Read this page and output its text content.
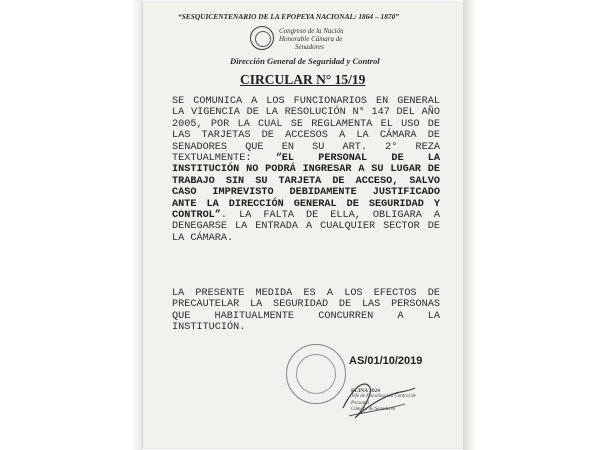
“SESQUICENTENARIO DE LA EPOPEYA NACIONAL: 1864 – 1870”
Congreso de la Nación
Honorable Cámara de
Senadores
Dirección General de Seguridad y Control
CIRCULAR N° 15/19

SE COMUNICA A LOS FUNCIONARIOS EN GENERAL LA VIGENCIA DE LA RESOLUCIÓN N° 147 DEL AÑO 2005, POR LA CUAL SE REGLAMENTA EL USO DE LAS TARJETAS DE ACCESOS A LA CÁMARA DE SENADORES QUE EN SU ART. 2° REZA TEXTUALMENTE: “EL PERSONAL DE LA INSTITUCIÓN NO PODRÁ INGRESAR A SU LUGAR DE TRABAJO SIN SU TARJETA DE ACCESO, SALVO CASO IMPREVISTO DEBIDAMENTE JUSTIFICADO ANTE LA DIRECCIÓN GENERAL DE SEGURIDAD Y CONTROL”. LA FALTA DE ELLA, OBLIGARA A DENEGARSE LA ENTRADA A CUALQUIER SECTOR DE LA CÁMARA.

LA PRESENTE MEDIDA ES A LOS EFECTOS DE PRECAUTELAR LA SEGURIDAD DE LAS PERSONAS QUE HABITUALMENTE CONCURREN A LA INSTITUCIÓN.
AS/01/10/2019
ELINA 2024
Jefe de Fiscalización Control de Personal
Cámara de Senadores
